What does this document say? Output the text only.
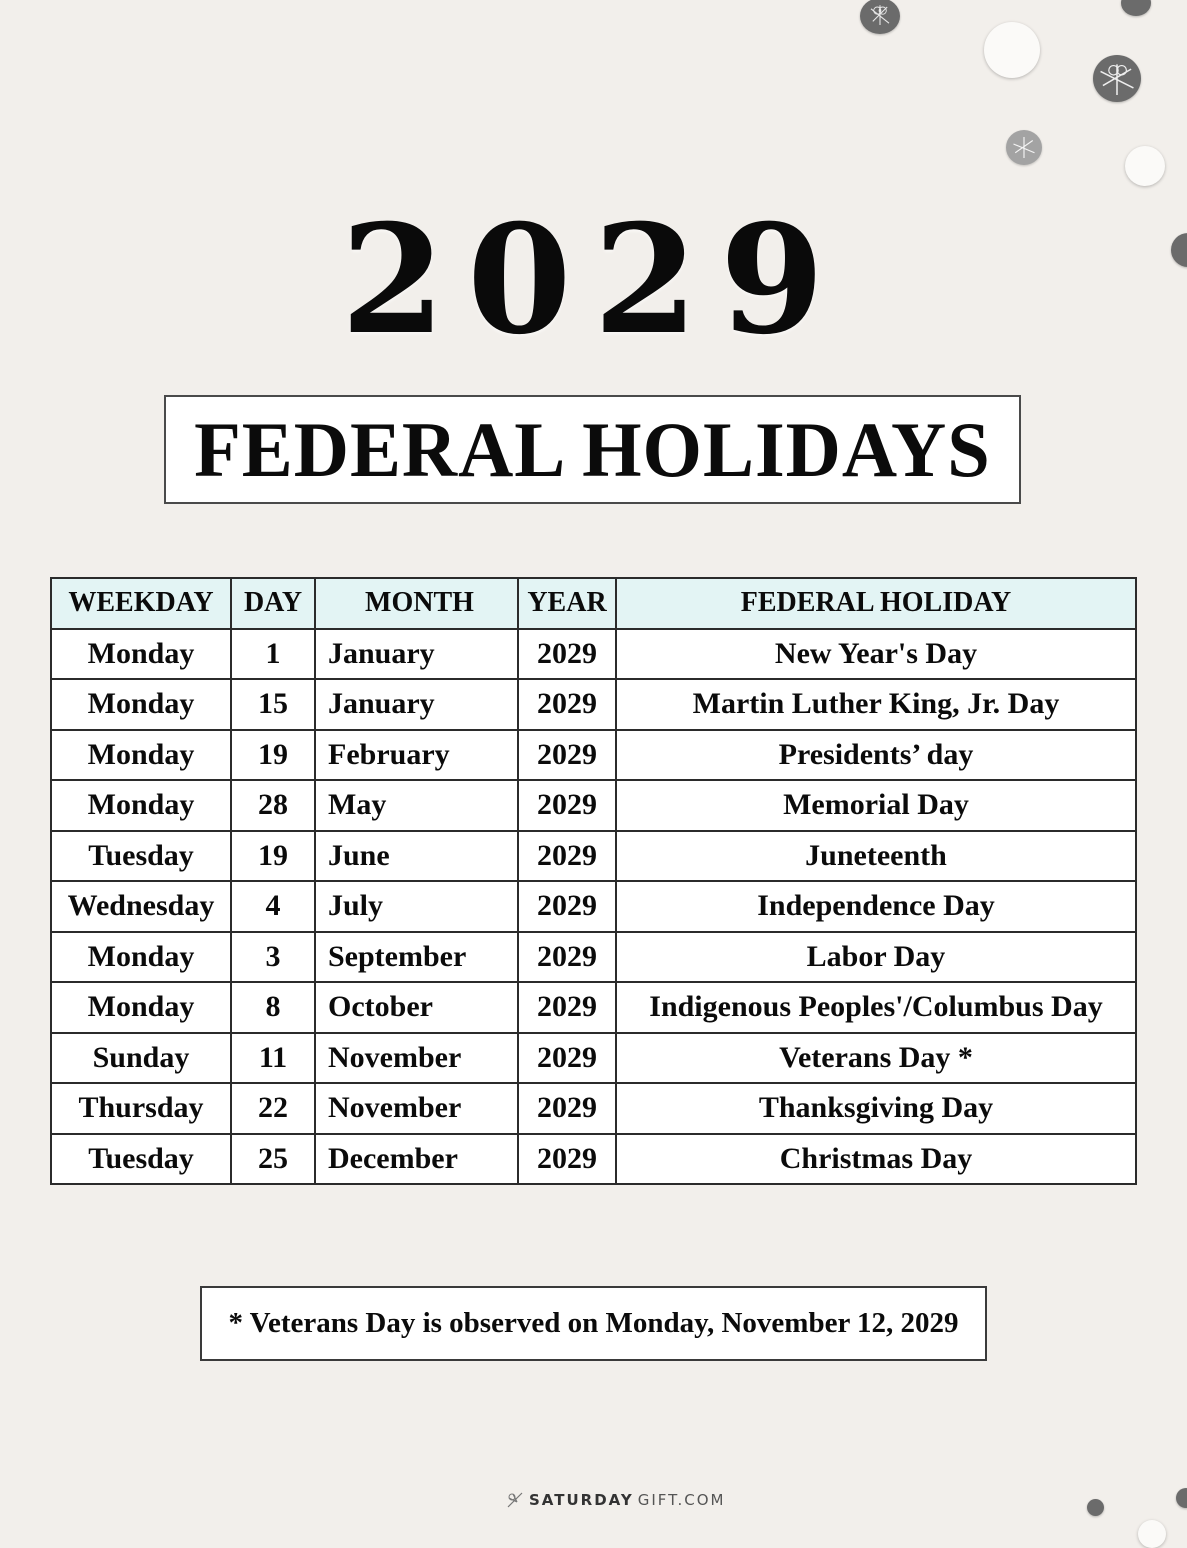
2029
FEDERAL HOLIDAYS
WEEKDAY	DAY	MONTH	YEAR	FEDERAL HOLIDAY
Monday	1	January	2029	New Year's Day
Monday	15	January	2029	Martin Luther King, Jr. Day
Monday	19	February	2029	Presidents’ day
Monday	28	May	2029	Memorial Day
Tuesday	19	June	2029	Juneteenth
Wednesday	4	July	2029	Independence Day
Monday	3	September	2029	Labor Day
Monday	8	October	2029	Indigenous Peoples'/Columbus Day
Sunday	11	November	2029	Veterans Day *
Thursday	22	November	2029	Thanksgiving Day
Tuesday	25	December	2029	Christmas Day
* Veterans Day is observed on Monday, November 12, 2029
SATURDAY GIFT.COM
